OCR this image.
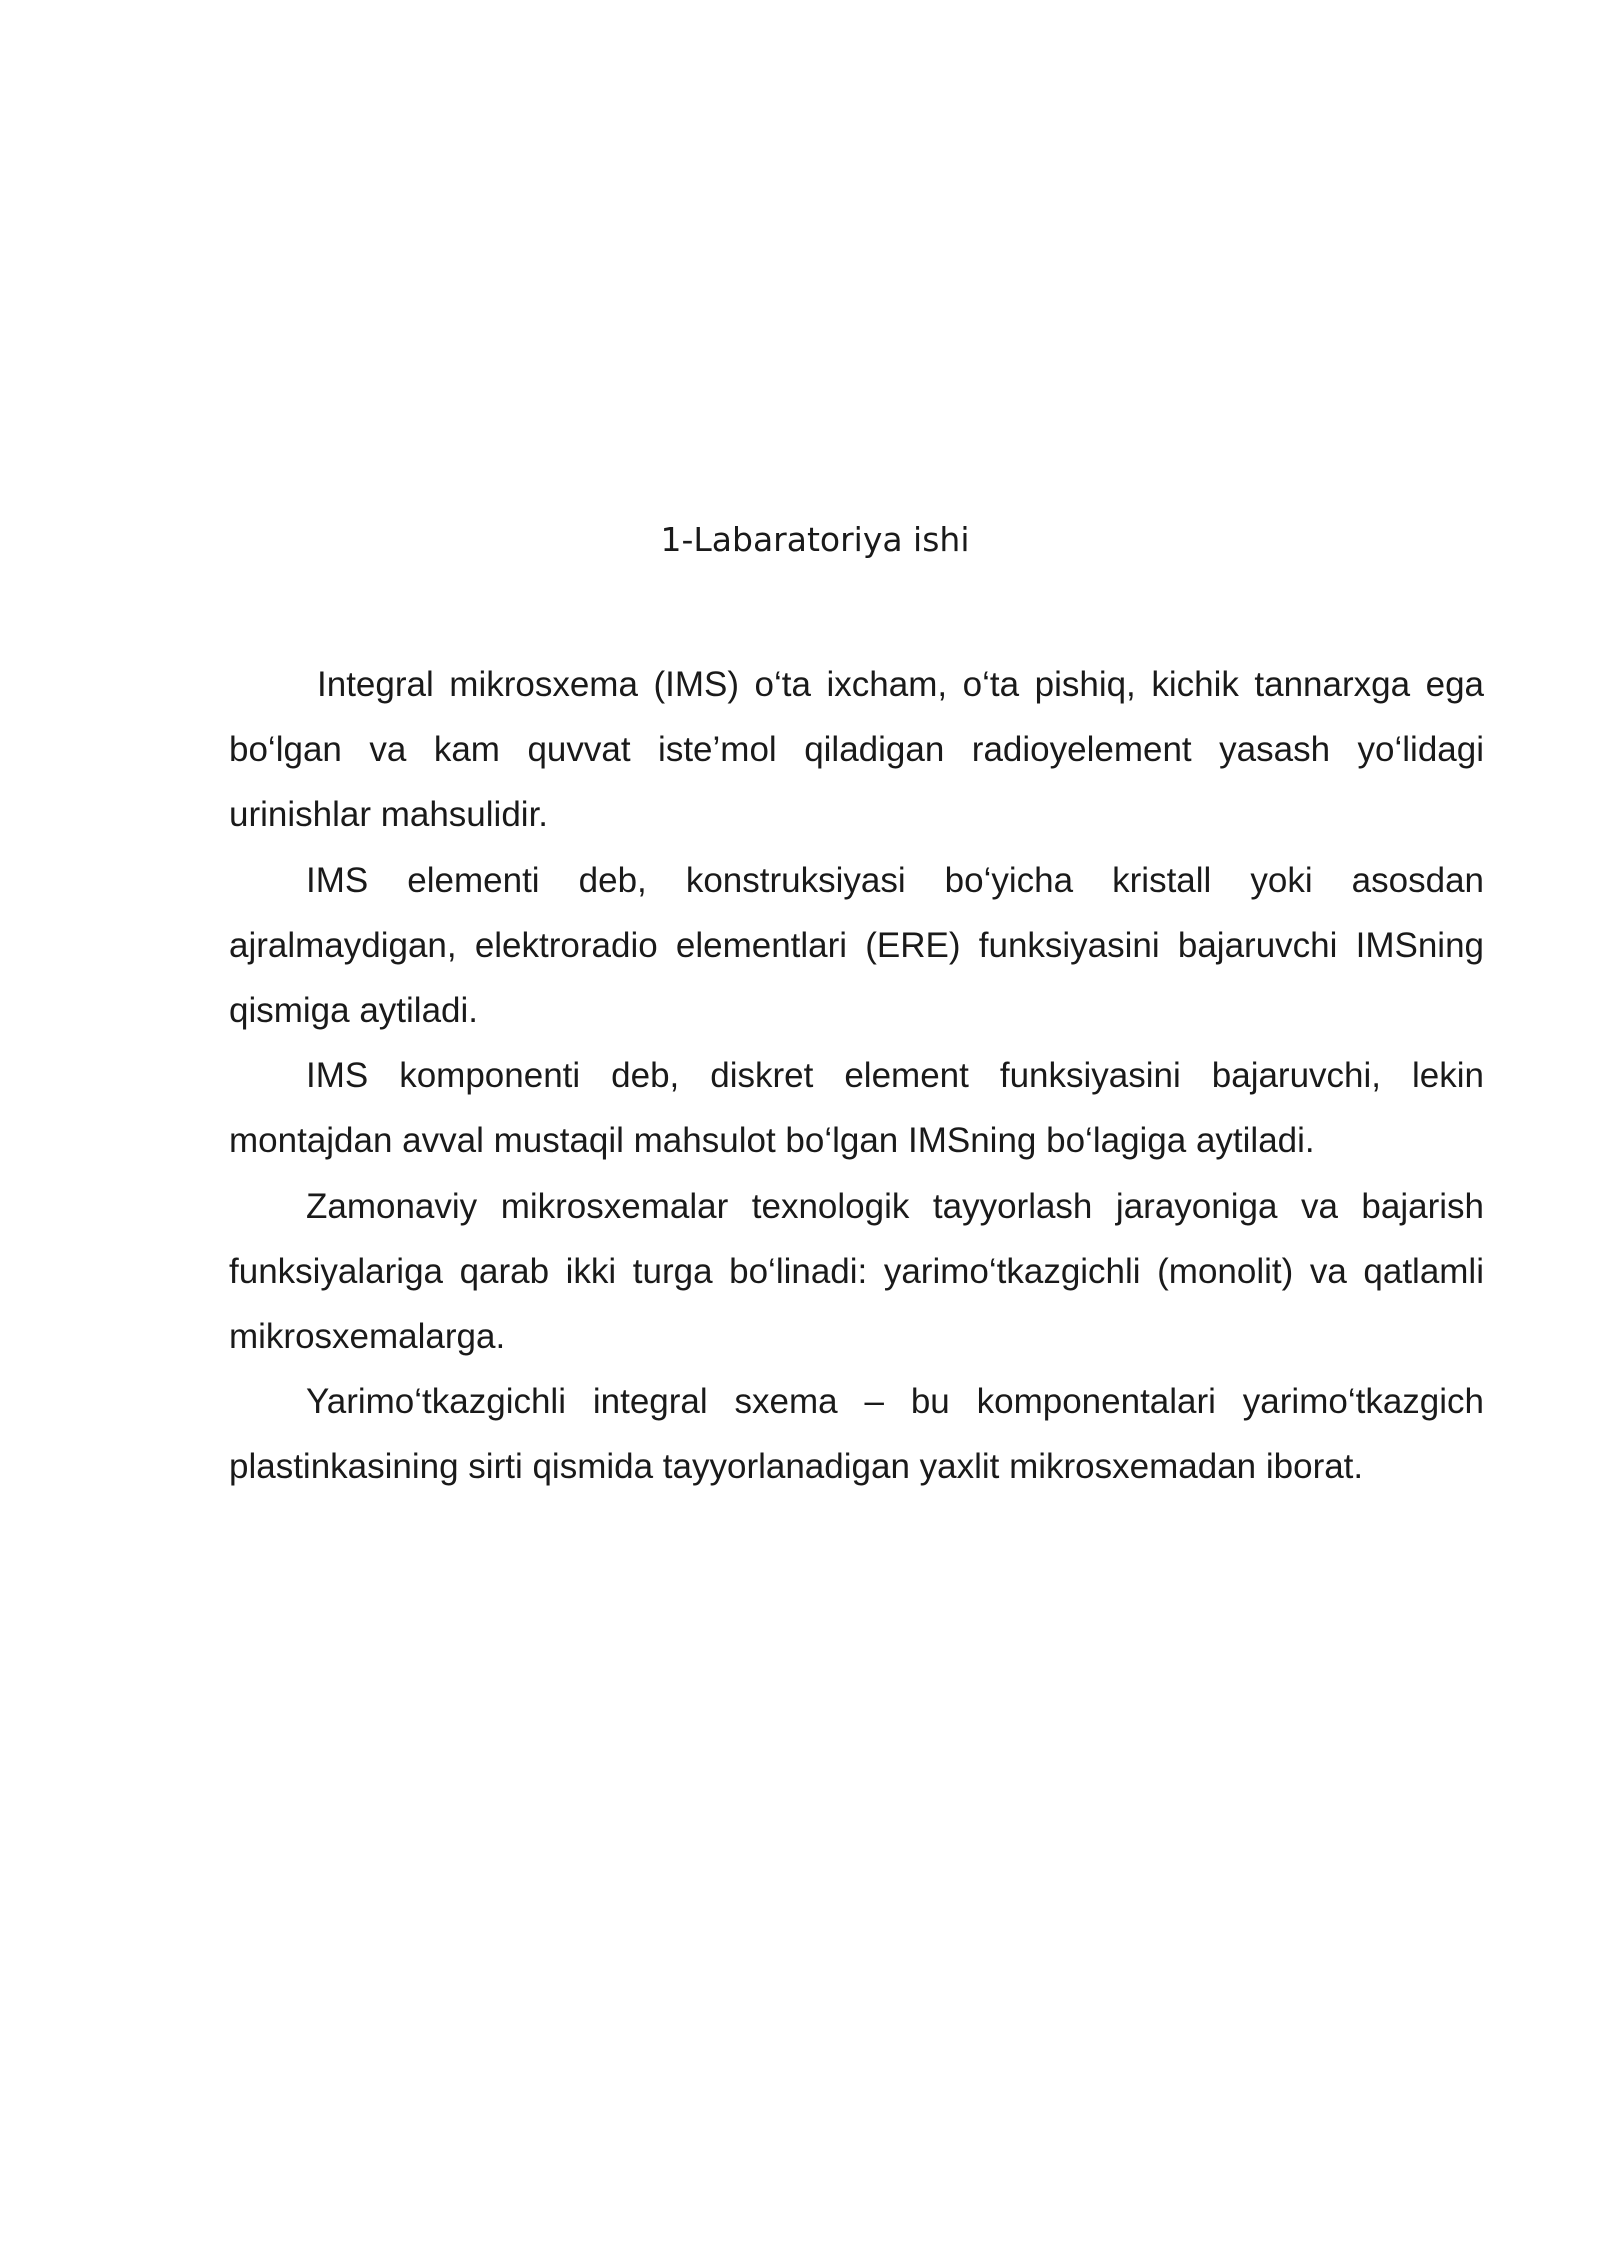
1-Labaratoriya ishi

Integral mikrosxema (IMS) o‘ta ixcham, o‘ta pishiq, kichik tannarxga ega bo‘lgan va kam quvvat iste’mol qiladigan radioyelement yasash yo‘lidagi urinishlar mahsulidir.

IMS elementi deb, konstruksiyasi bo‘yicha kristall yoki asosdan ajralmaydigan, elektroradio elementlari (ERE) funksiyasini bajaruvchi IMSning qismiga aytiladi.

IMS komponenti deb, diskret element funksiyasini bajaruvchi, lekin montajdan avval mustaqil mahsulot bo‘lgan IMSning bo‘lagiga aytiladi.

Zamonaviy mikrosxemalar texnologik tayyorlash jarayoniga va bajarish funksiyalariga qarab ikki turga bo‘linadi: yarimo‘tkazgichli (monolit) va qatlamli mikrosxemalarga.

Yarimo‘tkazgichli integral sxema – bu komponentalari yarimo‘tkazgich plastinkasining sirti qismida tayyorlanadigan yaxlit mikrosxemadan iborat.
